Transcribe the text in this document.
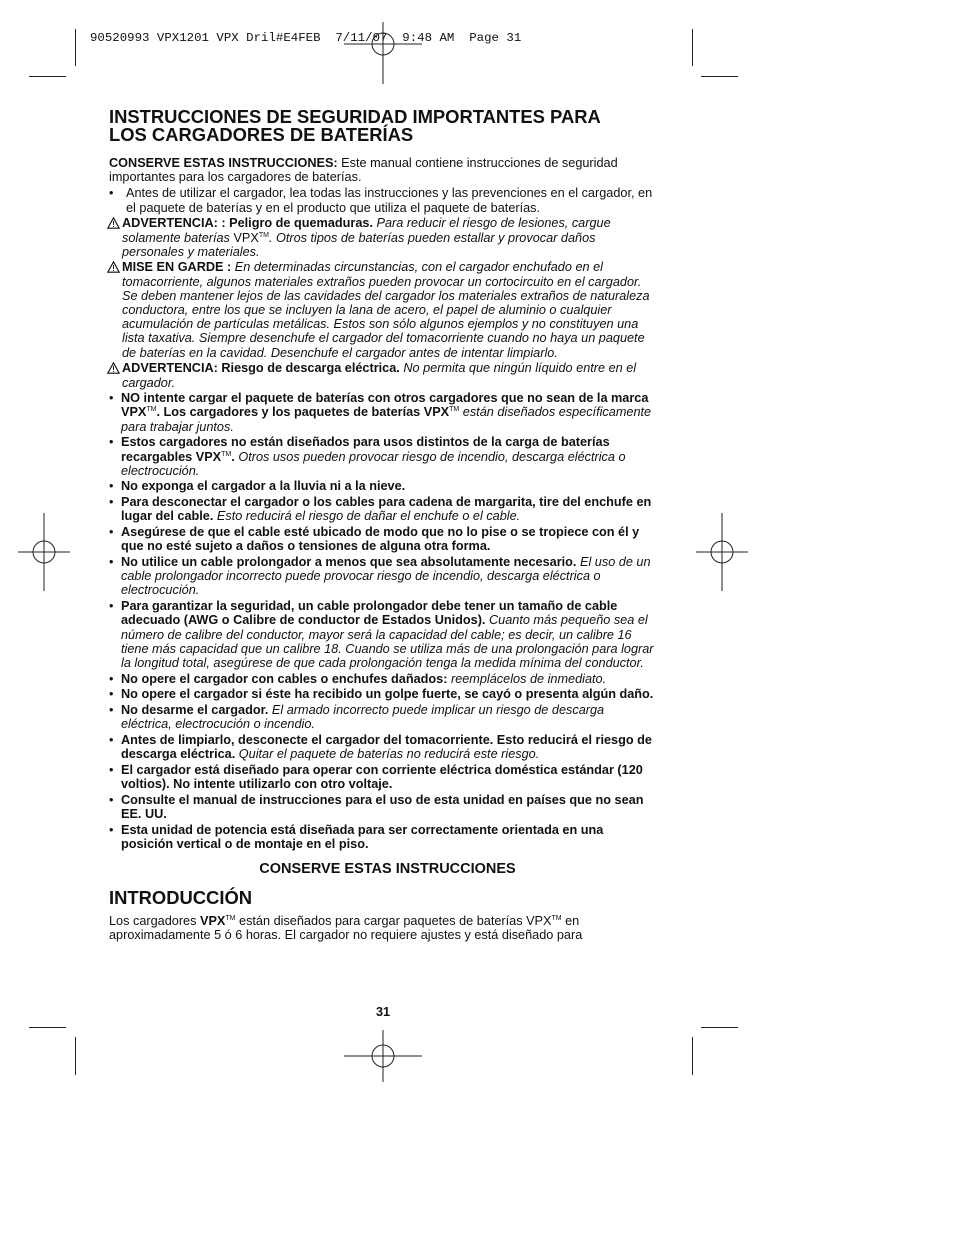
90520993 VPX1201 VPX Dril#E4FEB  7/11/07  9:48 AM  Page 31
INSTRUCCIONES DE SEGURIDAD IMPORTANTES PARA
LOS CARGADORES DE BATERÍAS

CONSERVE ESTAS INSTRUCCIONES: Este manual contiene instrucciones de seguridad importantes para los cargadores de baterías.

• Antes de utilizar el cargador, lea todas las instrucciones y las prevenciones en el cargador, en el paquete de baterías y en el producto que utiliza el paquete de baterías.
ADVERTENCIA: : Peligro de quemaduras. Para reducir el riesgo de lesiones, cargue solamente baterías VPX™. Otros tipos de baterías pueden estallar y provocar daños personales y materiales.
MISE EN GARDE : En determinadas circunstancias, con el cargador enchufado en el tomacorriente, algunos materiales extraños pueden provocar un cortocircuito en el cargador. Se deben mantener lejos de las cavidades del cargador los materiales extraños de naturaleza conductora, entre los que se incluyen la lana de acero, el papel de aluminio o cualquier acumulación de partículas metálicas. Estos son sólo algunos ejemplos y no constituyen una lista taxativa. Siempre desenchufe el cargador del tomacorriente cuando no haya un paquete de baterías en la cavidad. Desenchufe el cargador antes de intentar limpiarlo.
ADVERTENCIA: Riesgo de descarga eléctrica. No permita que ningún líquido entre en el cargador.
• NO intente cargar el paquete de baterías con otros cargadores que no sean de la marca VPX™. Los cargadores y los paquetes de baterías VPX™ están diseñados específicamente para trabajar juntos.
• Estos cargadores no están diseñados para usos distintos de la carga de baterías recargables VPX™. Otros usos pueden provocar riesgo de incendio, descarga eléctrica o electrocución.
• No exponga el cargador a la lluvia ni a la nieve.
• Para desconectar el cargador o los cables para cadena de margarita, tire del enchufe en lugar del cable. Esto reducirá el riesgo de dañar el enchufe o el cable.
• Asegúrese de que el cable esté ubicado de modo que no lo pise o se tropiece con él y que no esté sujeto a daños o tensiones de alguna otra forma.
• No utilice un cable prolongador a menos que sea absolutamente necesario. El uso de un cable prolongador incorrecto puede provocar riesgo de incendio, descarga eléctrica o electrocución.
• Para garantizar la seguridad, un cable prolongador debe tener un tamaño de cable adecuado (AWG o Calibre de conductor de Estados Unidos). Cuanto más pequeño sea el número de calibre del conductor, mayor será la capacidad del cable; es decir, un calibre 16 tiene más capacidad que un calibre 18. Cuando se utiliza más de una prolongación para lograr la longitud total, asegúrese de que cada prolongación tenga la medida mínima del conductor.
• No opere el cargador con cables o enchufes dañados: reemplácelos de inmediato.
• No opere el cargador si éste ha recibido un golpe fuerte, se cayó o presenta algún daño.
• No desarme el cargador. El armado incorrecto puede implicar un riesgo de descarga eléctrica, electrocución o incendio.
• Antes de limpiarlo, desconecte el cargador del tomacorriente. Esto reducirá el riesgo de descarga eléctrica. Quitar el paquete de baterías no reducirá este riesgo.
• El cargador está diseñado para operar con corriente eléctrica doméstica estándar (120 voltios). No intente utilizarlo con otro voltaje.
• Consulte el manual de instrucciones para el uso de esta unidad en países que no sean EE. UU.
• Esta unidad de potencia está diseñada para ser correctamente orientada en una posición vertical o de montaje en el piso.

CONSERVE ESTAS INSTRUCCIONES

INTRODUCCIÓN

Los cargadores VPX™ están diseñados para cargar paquetes de baterías VPX™ en aproximadamente 5 ó 6 horas. El cargador no requiere ajustes y está diseñado para

31
